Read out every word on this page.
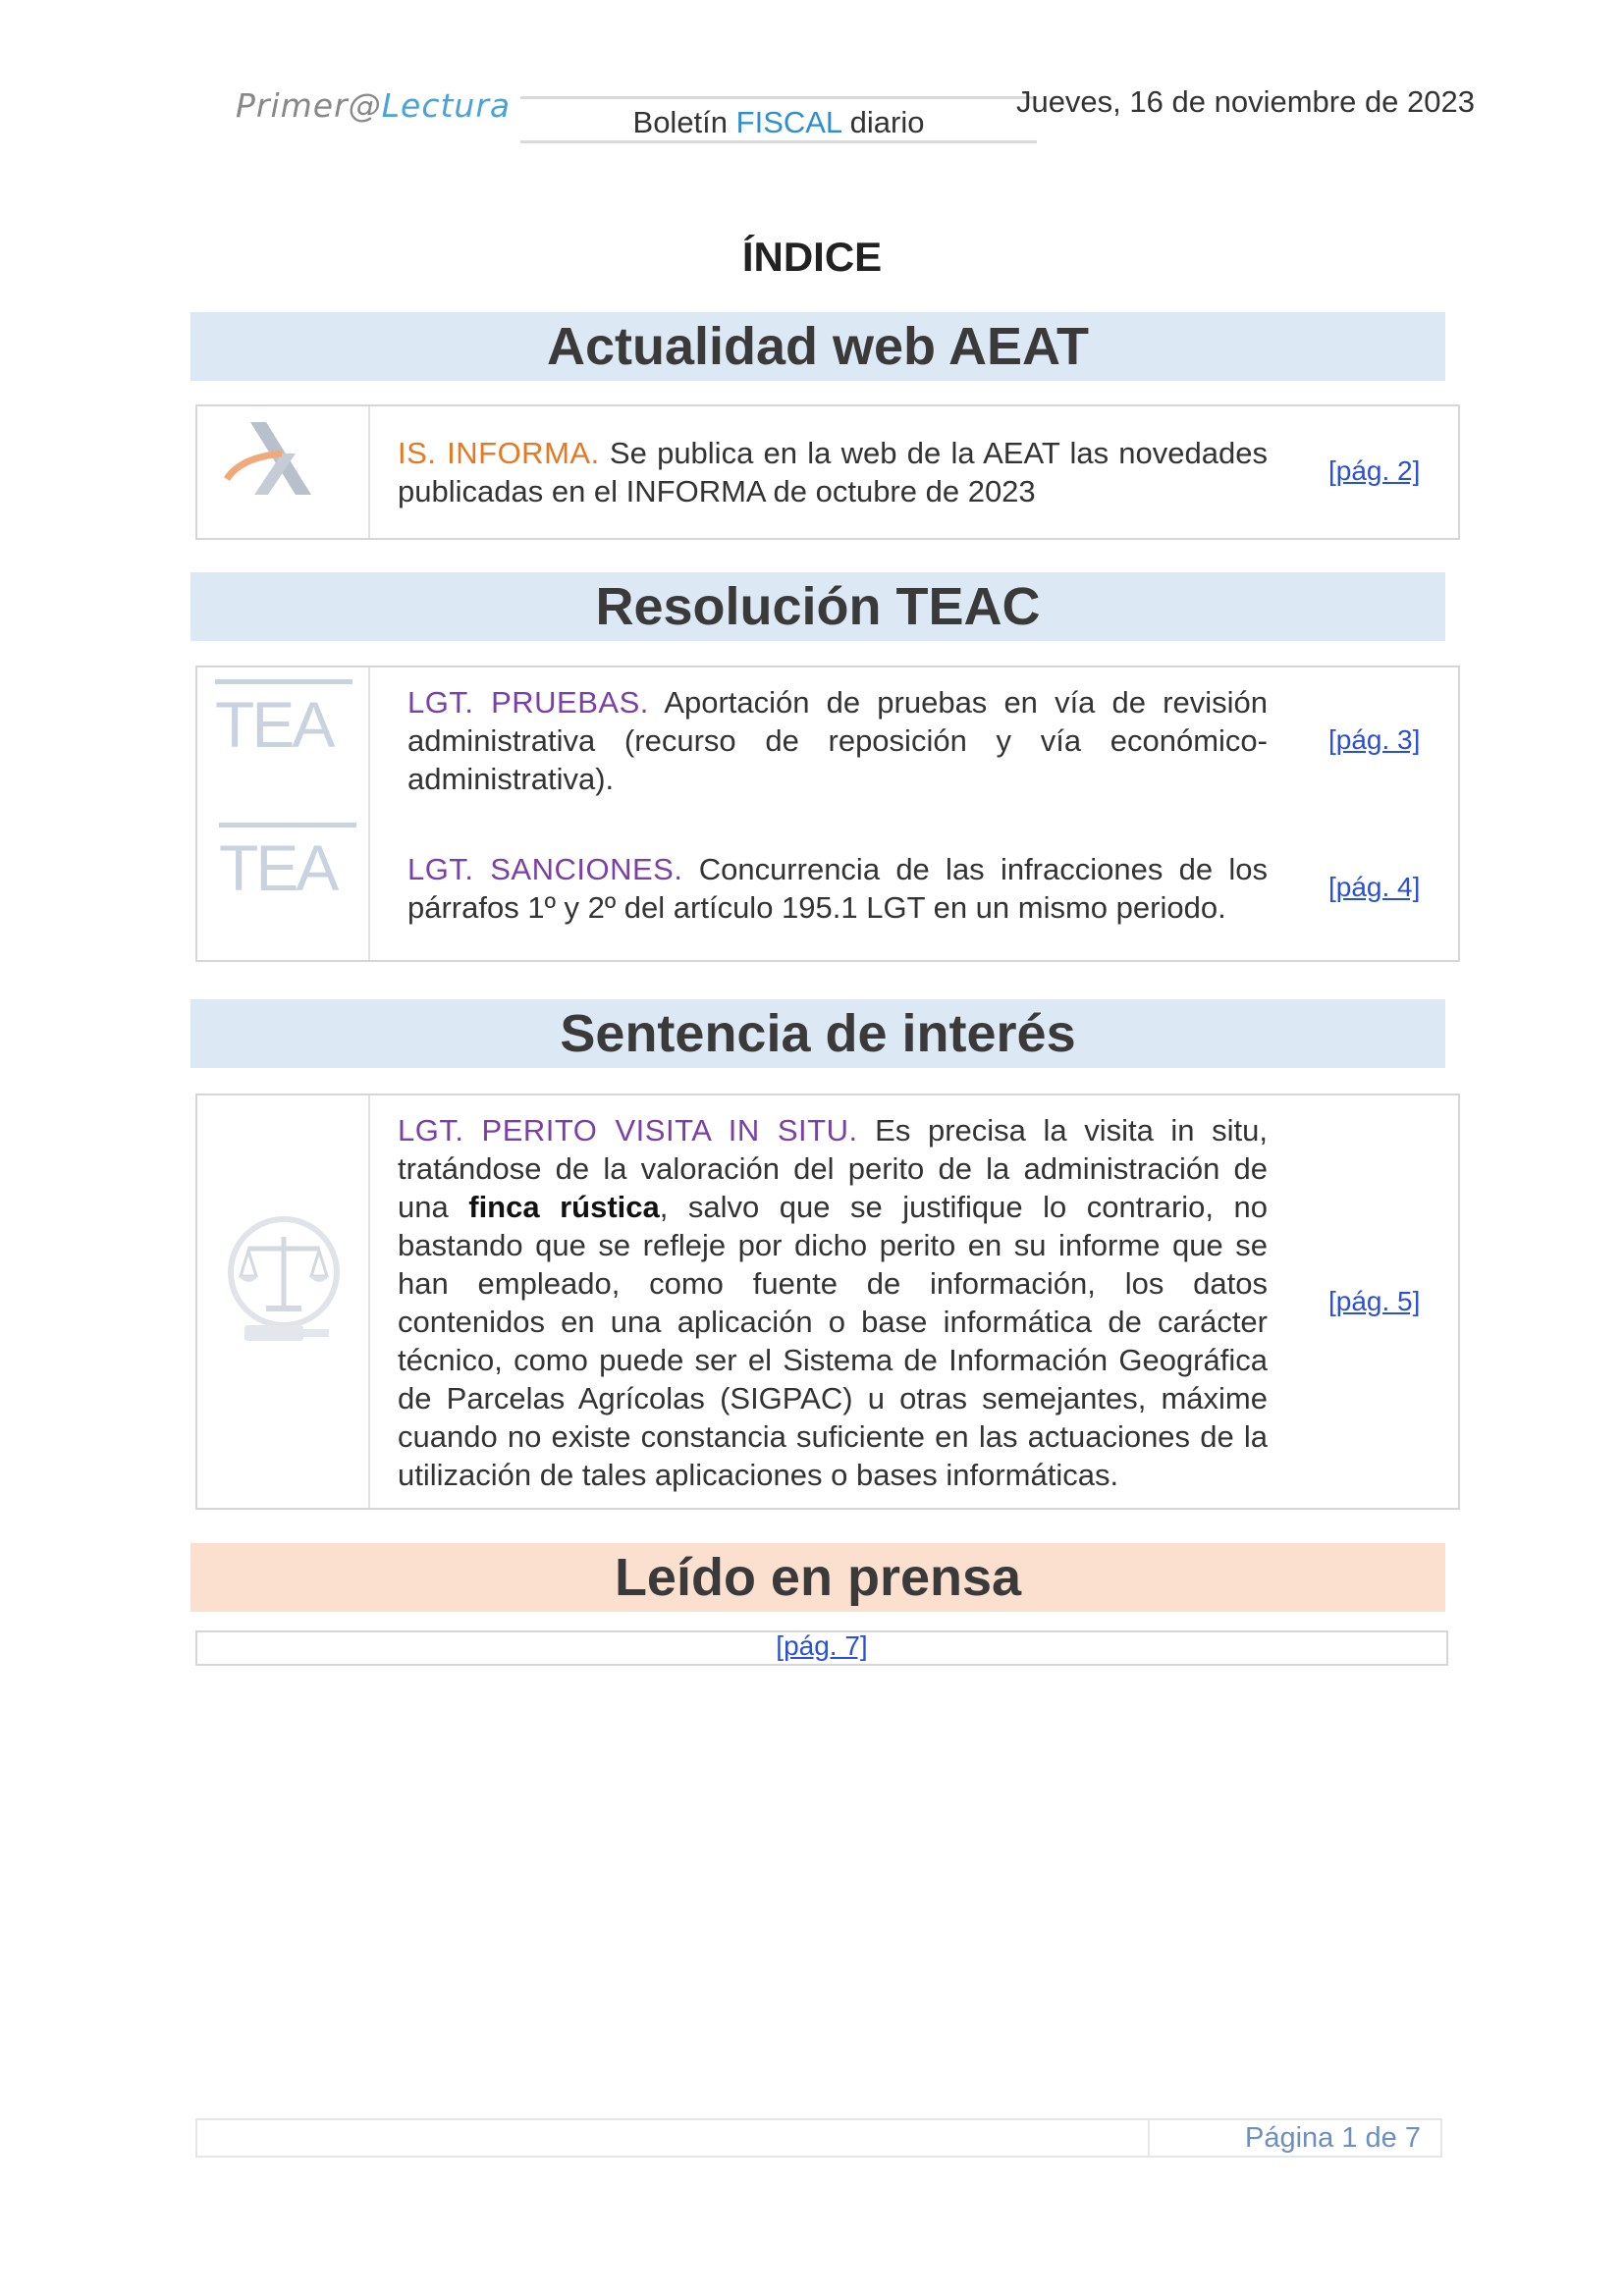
Primer@Lectura	Boletín FISCAL diario
Jueves, 16 de noviembre de 2023
ÍNDICE
Actualidad web AEAT
IS. INFORMA. Se publica en la web de la AEAT las novedades publicadas en el INFORMA de octubre de 2023
[pág. 2]
Resolución TEAC
TEA LGT. PRUEBAS. Aportación de pruebas en vía de revisión administrativa (recurso de reposición y vía económico-administrativa).
[pág. 3]
TEA LGT. SANCIONES. Concurrencia de las infracciones de los párrafos 1º y 2º del artículo 195.1 LGT en un mismo periodo.
[pág. 4]
Sentencia de interés
LGT. PERITO VISITA IN SITU. Es precisa la visita in situ, tratándose de la valoración del perito de la administración de una finca rústica, salvo que se justifique lo contrario, no bastando que se refleje por dicho perito en su informe que se han empleado, como fuente de información, los datos contenidos en una aplicación o base informática de carácter técnico, como puede ser el Sistema de Información Geográfica de Parcelas Agrícolas (SIGPAC) u otras semejantes, máxime cuando no existe constancia suficiente en las actuaciones de la utilización de tales aplicaciones o bases informáticas.
[pág. 5]
Leído en prensa
[pág. 7]
Página 1 de 7
